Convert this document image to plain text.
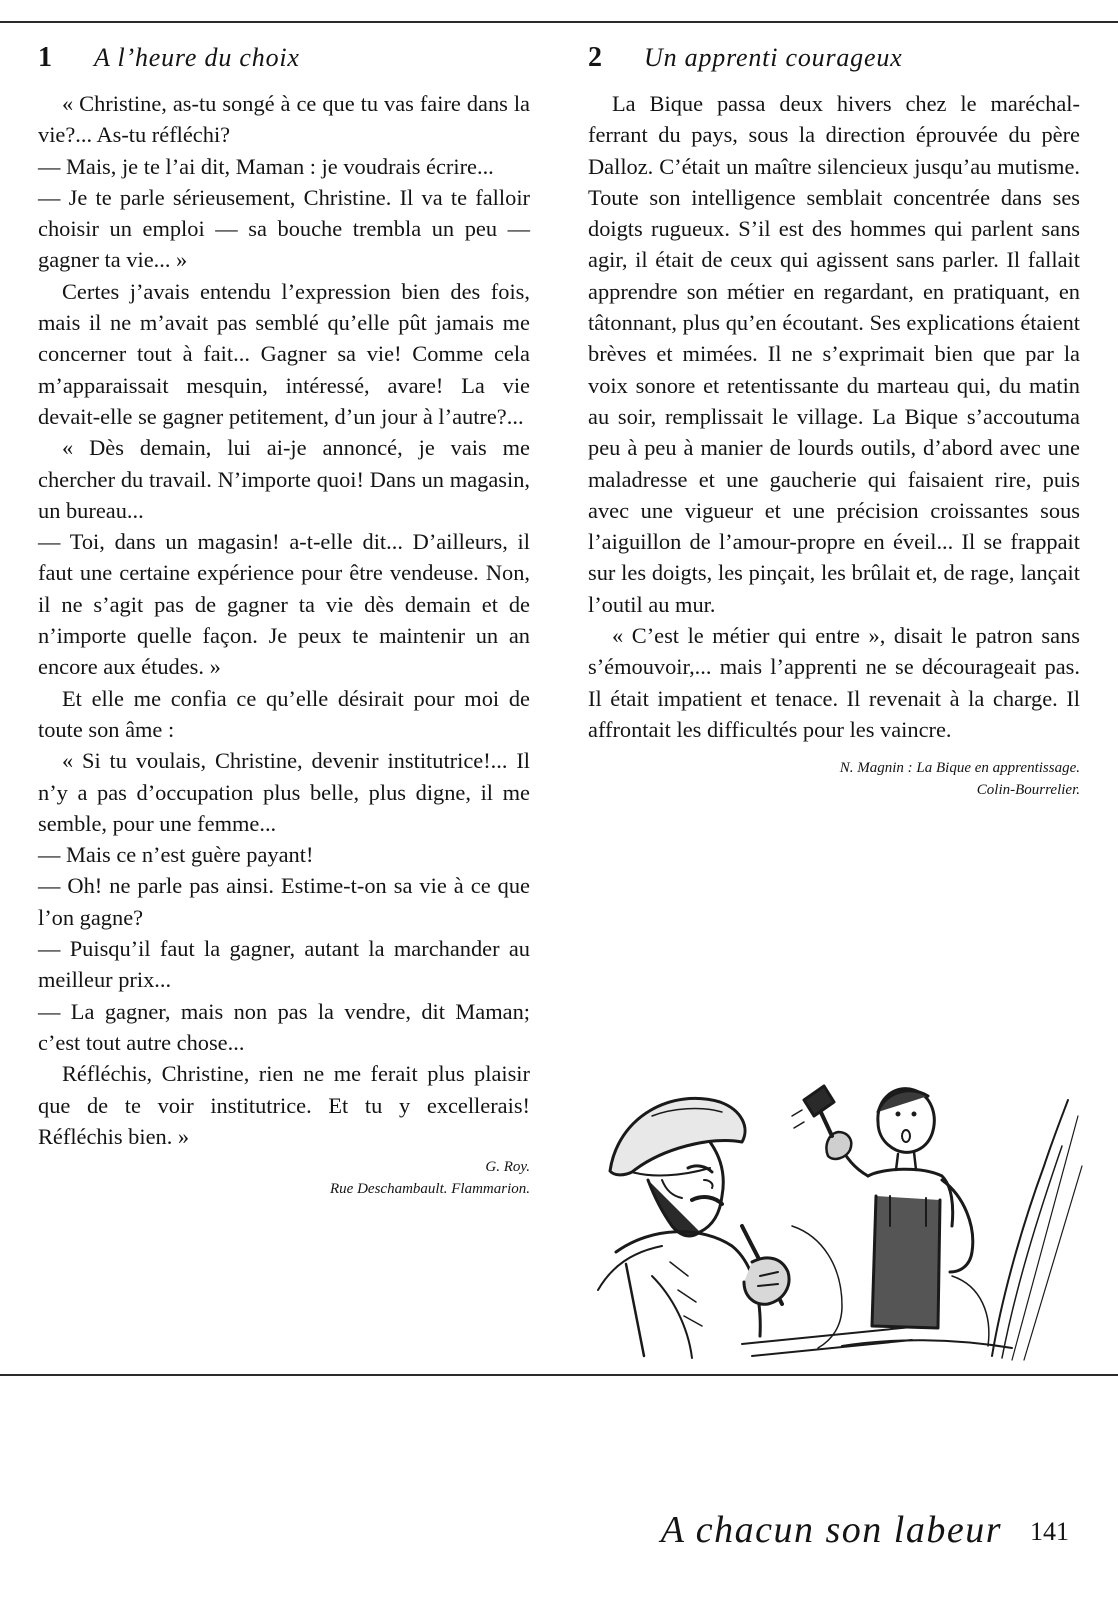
1 A l’heure du choix

« Christine, as-tu songé à ce que tu vas faire dans la vie?... As-tu réfléchi?

— Mais, je te l’ai dit, Maman : je voudrais écrire...

— Je te parle sérieusement, Christine. Il va te falloir choisir un emploi — sa bouche trembla un peu — gagner ta vie... »

Certes j’avais entendu l’expression bien des fois, mais il ne m’avait pas semblé qu’elle pût jamais me concerner tout à fait... Gagner sa vie! Comme cela m’apparaissait mesquin, intéressé, avare! La vie devait-elle se gagner petitement, d’un jour à l’autre?...

« Dès demain, lui ai-je annoncé, je vais me chercher du travail. N’importe quoi! Dans un magasin, un bureau...

— Toi, dans un magasin! a-t-elle dit... D’ailleurs, il faut une certaine expérience pour être vendeuse. Non, il ne s’agit pas de gagner ta vie dès demain et de n’importe quelle façon. Je peux te maintenir un an encore aux études. »

Et elle me confia ce qu’elle désirait pour moi de toute son âme :

« Si tu voulais, Christine, devenir institutrice!... Il n’y a pas d’occupation plus belle, plus digne, il me semble, pour une femme...

— Mais ce n’est guère payant!

— Oh! ne parle pas ainsi. Estime-t-on sa vie à ce que l’on gagne?

— Puisqu’il faut la gagner, autant la marchander au meilleur prix...

— La gagner, mais non pas la vendre, dit Maman; c’est tout autre chose...

Réfléchis, Christine, rien ne me ferait plus plaisir que de te voir institutrice. Et tu y excellerais! Réfléchis bien. »

G. Roy.

Rue Deschambault. Flammarion.

2 Un apprenti courageux

La Bique passa deux hivers chez le maréchal-ferrant du pays, sous la direction éprouvée du père Dalloz. C’était un maître silencieux jusqu’au mutisme. Toute son intelligence semblait concentrée dans ses doigts rugueux. S’il est des hommes qui parlent sans agir, il était de ceux qui agissent sans parler. Il fallait apprendre son métier en regardant, en pratiquant, en tâtonnant, plus qu’en écoutant. Ses explications étaient brèves et mimées. Il ne s’exprimait bien que par la voix sonore et retentissante du marteau qui, du matin au soir, remplissait le village. La Bique s’accoutuma peu à peu à manier de lourds outils, d’abord avec une maladresse et une gaucherie qui faisaient rire, puis avec une vigueur et une précision croissantes sous l’aiguillon de l’amour-propre en éveil... Il se frappait sur les doigts, les pinçait, les brûlait et, de rage, lançait l’outil au mur.

« C’est le métier qui entre », disait le patron sans s’émouvoir,... mais l’apprenti ne se décourageait pas. Il était impatient et tenace. Il revenait à la charge. Il affrontait les difficultés pour les vaincre.

N. Magnin : La Bique en apprentissage.

Colin-Bourrelier.

A chacun son labeur 141
